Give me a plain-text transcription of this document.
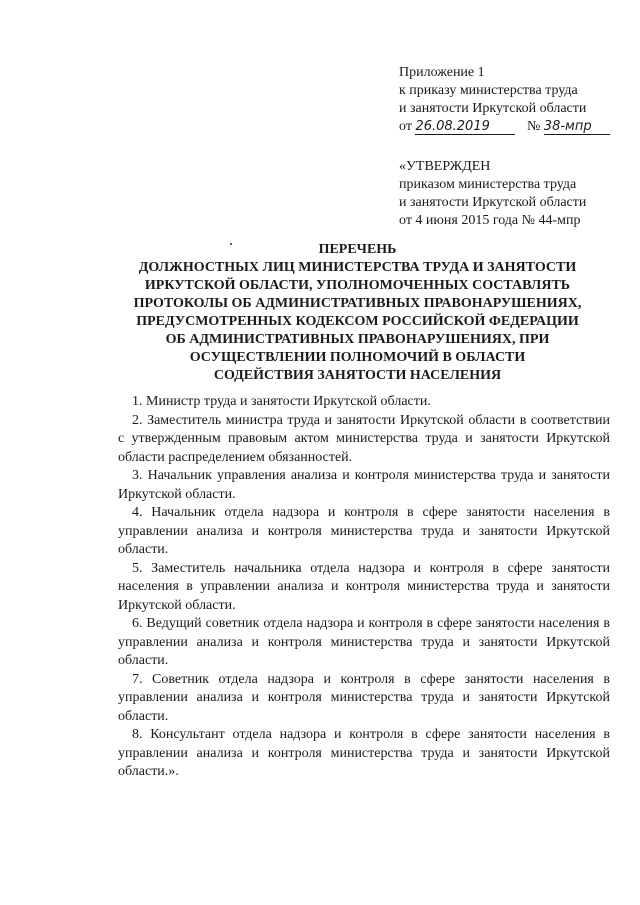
Приложение 1
к приказу министерства труда
и занятости Иркутской области
от 26.08.2019	№ 38-мпр
«УТВЕРЖДЕН
приказом министерства труда
и занятости Иркутской области
от 4 июня 2015 года № 44-мпр
ПЕРЕЧЕНЬ
ДОЛЖНОСТНЫХ ЛИЦ МИНИСТЕРСТВА ТРУДА И ЗАНЯТОСТИ
ИРКУТСКОЙ ОБЛАСТИ, УПОЛНОМОЧЕННЫХ СОСТАВЛЯТЬ
ПРОТОКОЛЫ ОБ АДМИНИСТРАТИВНЫХ ПРАВОНАРУШЕНИЯХ,
ПРЕДУСМОТРЕННЫХ КОДЕКСОМ РОССИЙСКОЙ ФЕДЕРАЦИИ
ОБ АДМИНИСТРАТИВНЫХ ПРАВОНАРУШЕНИЯХ, ПРИ
ОСУЩЕСТВЛЕНИИ ПОЛНОМОЧИЙ В ОБЛАСТИ
СОДЕЙСТВИЯ ЗАНЯТОСТИ НАСЕЛЕНИЯ

1. Министр труда и занятости Иркутской области.

2. Заместитель министра труда и занятости Иркутской области в соответствии с утвержденным правовым актом министерства труда и занятости Иркутской области распределением обязанностей.

3. Начальник управления анализа и контроля министерства труда и занятости Иркутской области.

4. Начальник отдела надзора и контроля в сфере занятости населения в управлении анализа и контроля министерства труда и занятости Иркутской области.

5. Заместитель начальника отдела надзора и контроля в сфере занятости населения в управлении анализа и контроля министерства труда и занятости Иркутской области.

6. Ведущий советник отдела надзора и контроля в сфере занятости населения в управлении анализа и контроля министерства труда и занятости Иркутской области.

7. Советник отдела надзора и контроля в сфере занятости населения в управлении анализа и контроля министерства труда и занятости Иркутской области.

8. Консультант отдела надзора и контроля в сфере занятости населения в управлении анализа и контроля министерства труда и занятости Иркутской области.».
